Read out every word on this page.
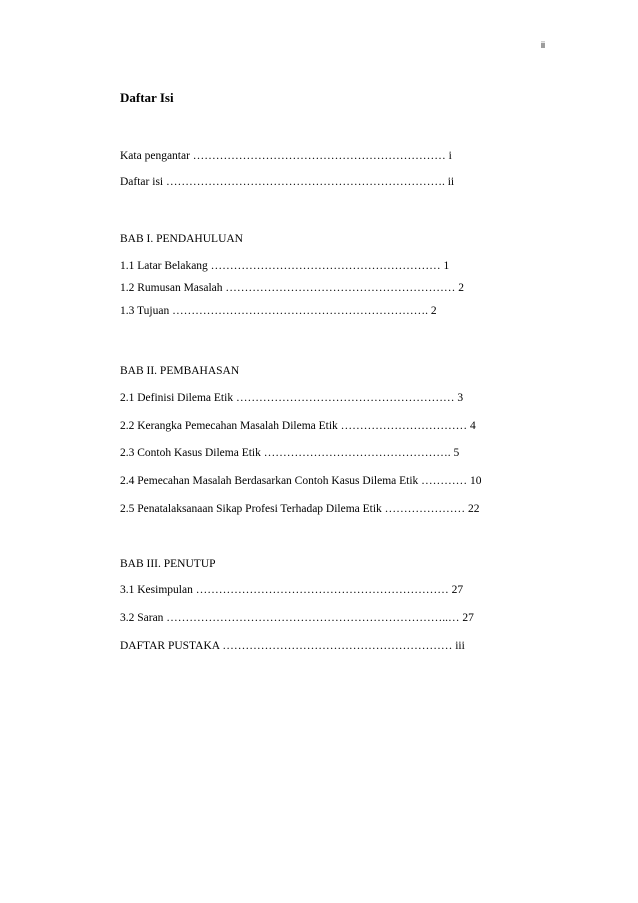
ii
Daftar Isi
Kata pengantar ………………………………………………………… i
Daftar isi ………………………………………………………………. ii
BAB I. PENDAHULUAN
1.1 Latar Belakang …………………………………………………… 1
1.2 Rumusan Masalah …………………………………………………… 2
1.3 Tujuan …………………………………………………………. 2
BAB II. PEMBAHASAN
2.1 Definisi Dilema Etik ………………………………………………… 3
2.2 Kerangka Pemecahan Masalah Dilema Etik …………………………… 4
2.3 Contoh Kasus Dilema Etik …………………………………………. 5
2.4 Pemecahan Masalah Berdasarkan Contoh Kasus Dilema Etik ………… 10
2.5 Penatalaksanaan Sikap Profesi Terhadap Dilema Etik ………………… 22
BAB III. PENUTUP
3.1 Kesimpulan ………………………………………………………… 27
3.2 Saran ………………………………………………………………..… 27
DAFTAR PUSTAKA …………………………………………………… iii
